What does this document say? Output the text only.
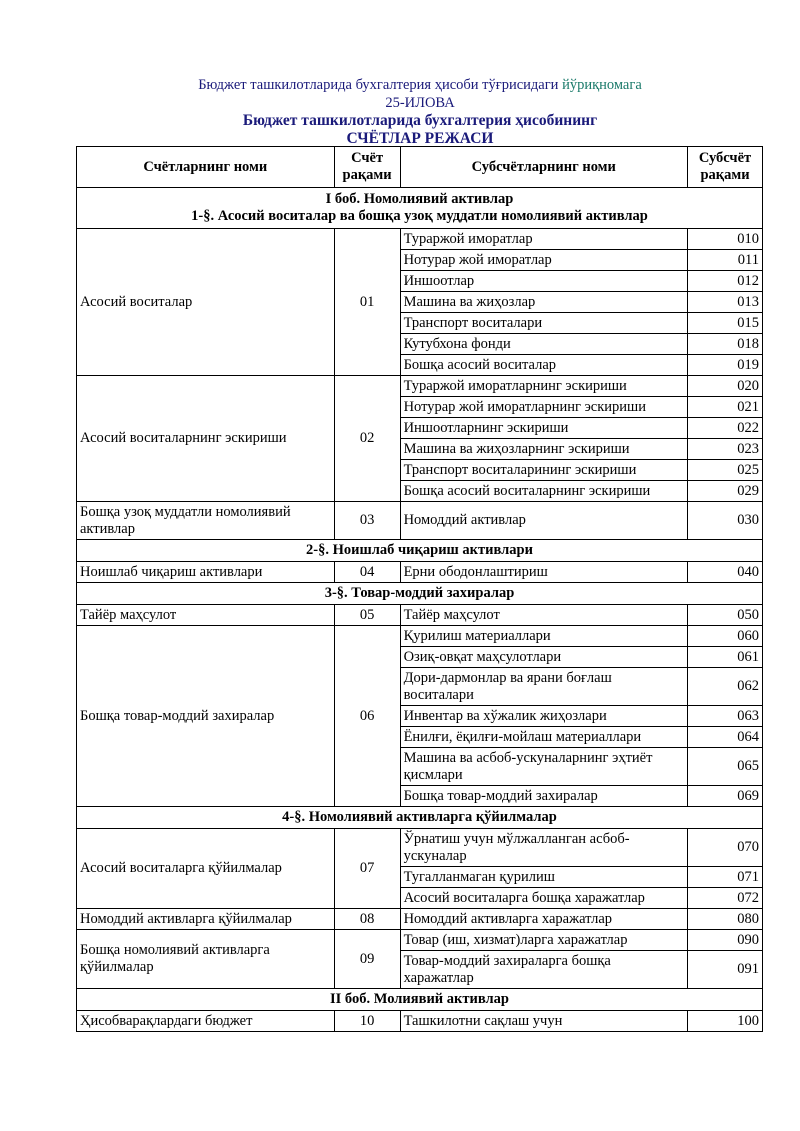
Бюджет ташкилотларида бухгалтерия ҳисоби тўғрисидаги йўриқномага
25-ИЛОВА
Бюджет ташкилотларида бухгалтерия ҳисобининг
СЧЁТЛАР РЕЖАСИ
Счётларнинг номи	Счёт рақами	Субсчётларнинг номи	Субсчёт рақами

I боб. Номолиявий активлар
1-§. Асосий воситалар ва бошқа узоқ муддатли номолиявий активлар			

Асосий воситалар	01	Тураржой иморатлар	010
		Нотурар жой иморатлар	011
		Иншоотлар	012
		Машина ва жиҳозлар	013
		Транспорт воситалари	015
		Кутубхона фонди	018
		Бошқа асосий воситалар	019
Асосий воситаларнинг эскириши	02	Тураржой иморатларнинг эскириши	020
		Нотурар жой иморатларнинг эскириши	021
		Иншоотларнинг эскириши	022
		Машина ва жиҳозларнинг эскириши	023
		Транспорт воситаларининг эскириши	025
		Бошқа асосий воситаларнинг эскириши	029
Бошқа узоқ муддатли номолиявий активлар	03	Номоддий активлар	030
2-§. Ноишлаб чиқариш активлари			
Ноишлаб чиқариш активлари	04	Ерни ободонлаштириш	040
3-§. Товар-моддий захиралар			
Тайёр маҳсулот	05	Тайёр маҳсулот	050
Бошқа товар-моддий захиралар	06	Қурилиш материаллари	060
		Озиқ-овқат маҳсулотлари	061
		Дори-дармонлар ва ярани боғлаш воситалари	062
		Инвентар ва хўжалик жиҳозлари	063
		Ёнилғи, ёқилғи-мойлаш материаллари	064
		Машина ва асбоб-ускуналарнинг эҳтиёт қисмлари	065
		Бошқа товар-моддий захиралар	069
4-§. Номолиявий активларга қўйилмалар			
Асосий воситаларга қўйилмалар	07	Ўрнатиш учун мўлжалланган асбоб-ускуналар	070
		Тугалланмаган қурилиш	071
		Асосий воситаларга бошқа харажатлар	072
Номоддий активларга қўйилмалар	08	Номоддий активларга харажатлар	080
Бошқа номолиявий активларга қўйилмалар	09	Товар (иш, хизмат)ларга харажатлар	090
		Товар-моддий захираларга бошқа харажатлар	091
II боб. Молиявий активлар			
Ҳисобварақлардаги бюджет	10	Ташкилотни сақлаш учун	100
